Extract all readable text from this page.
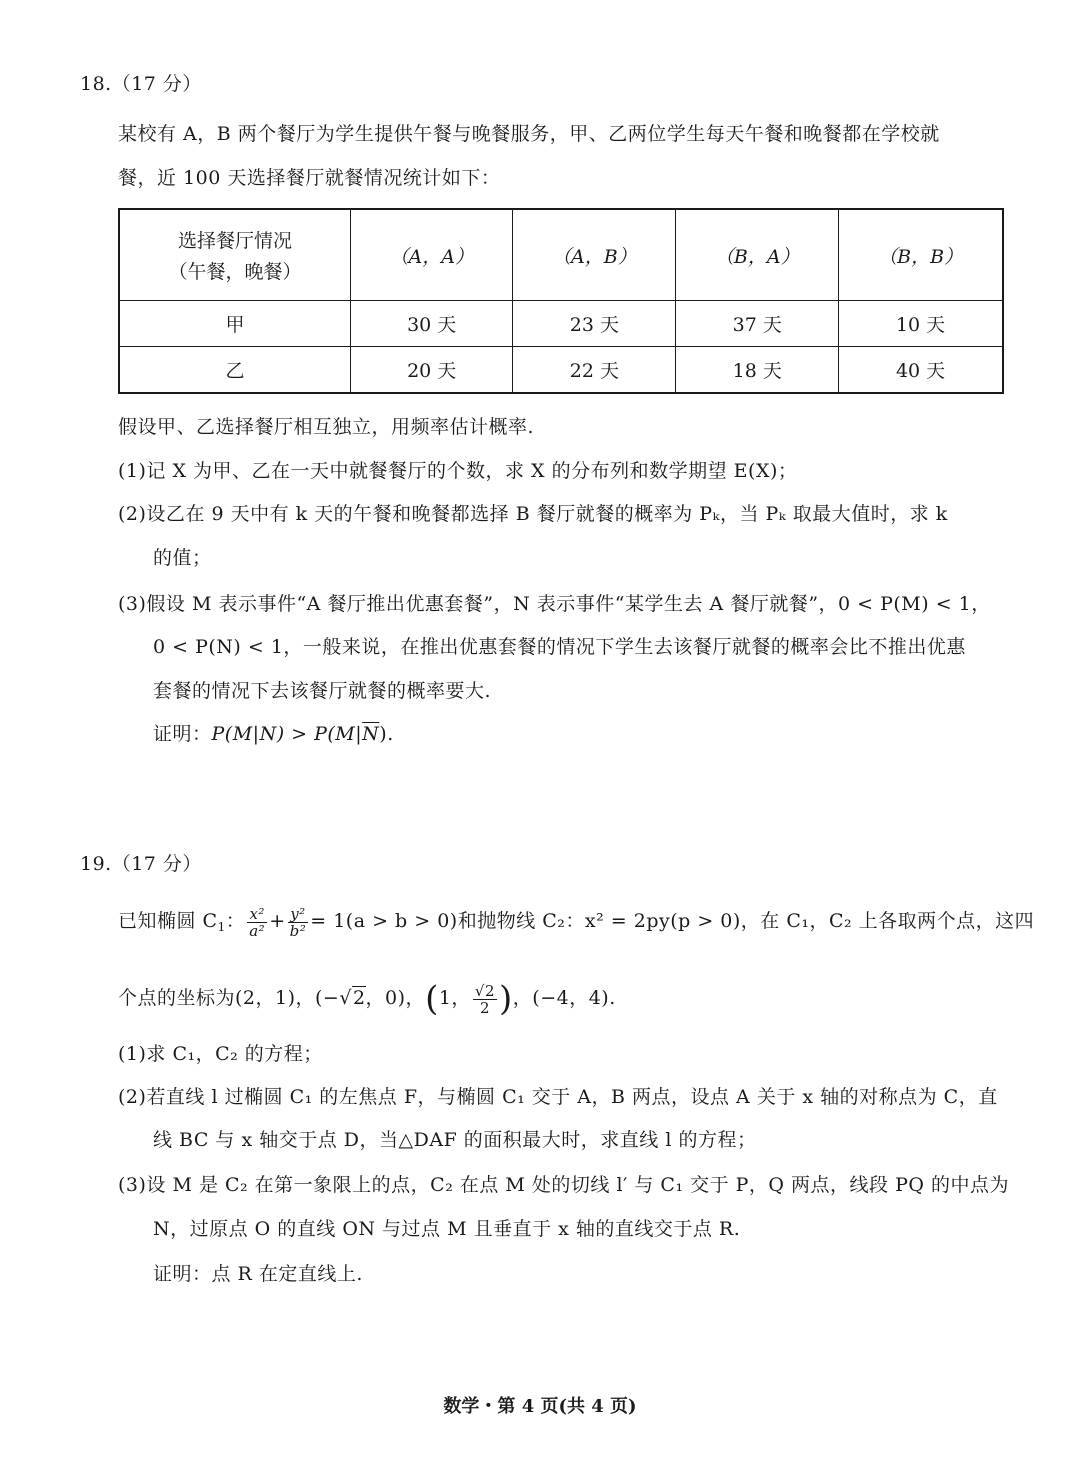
18.（17 分）
某校有 A，B 两个餐厅为学生提供午餐与晚餐服务，甲、乙两位学生每天午餐和晚餐都在学校就
餐，近 100 天选择餐厅就餐情况统计如下：
选择餐厅情况
（午餐，晚餐）	（A，A）	（A，B）	（B，A）	（B，B）
甲	30 天	23 天	37 天	10 天
乙	20 天	22 天	18 天	40 天
假设甲、乙选择餐厅相互独立，用频率估计概率.
(1)记 X 为甲、乙在一天中就餐餐厅的个数，求 X 的分布列和数学期望 E(X)；
(2)设乙在 9 天中有 k 天的午餐和晚餐都选择 B 餐厅就餐的概率为 Pₖ，当 Pₖ 取最大值时，求 k
的值；
(3)假设 M 表示事件“A 餐厅推出优惠套餐”，N 表示事件“某学生去 A 餐厅就餐”，0 < P(M) < 1，
0 < P(N) < 1，一般来说，在推出优惠套餐的情况下学生去该餐厅就餐的概率会比不推出优惠
套餐的情况下去该餐厅就餐的概率要大.
证明：$P(M|N) > P(M|\overline{N})$.
19.（17 分）
已知椭圆 $C_1$： $\frac{\text{x²}}{\text{a²}} + \frac{\text{y²}}{\text{b²}} = 1(a > b > 0)$和抛物线 C₂：x² = 2py(p > 0)，在 C₁，C₂ 上各取两个点，这四
个点的坐标为(2，1)，(−√2，0)，(1， $\frac{√2}{2}$ )，(−4，4).
(1)求 C₁，C₂ 的方程；
(2)若直线 l 过椭圆 C₁ 的左焦点 F，与椭圆 C₁ 交于 A，B 两点，设点 A 关于 x 轴的对称点为 C，直
线 BC 与 x 轴交于点 D，当△DAF 的面积最大时，求直线 l 的方程；
(3)设 M 是 C₂ 在第一象限上的点，C₂ 在点 M 处的切线 l′ 与 C₁ 交于 P，Q 两点，线段 PQ 的中点为
N，过原点 O 的直线 ON 与过点 M 且垂直于 x 轴的直线交于点 R.
证明：点 R 在定直线上.
数学・第 4 页(共 4 页)
